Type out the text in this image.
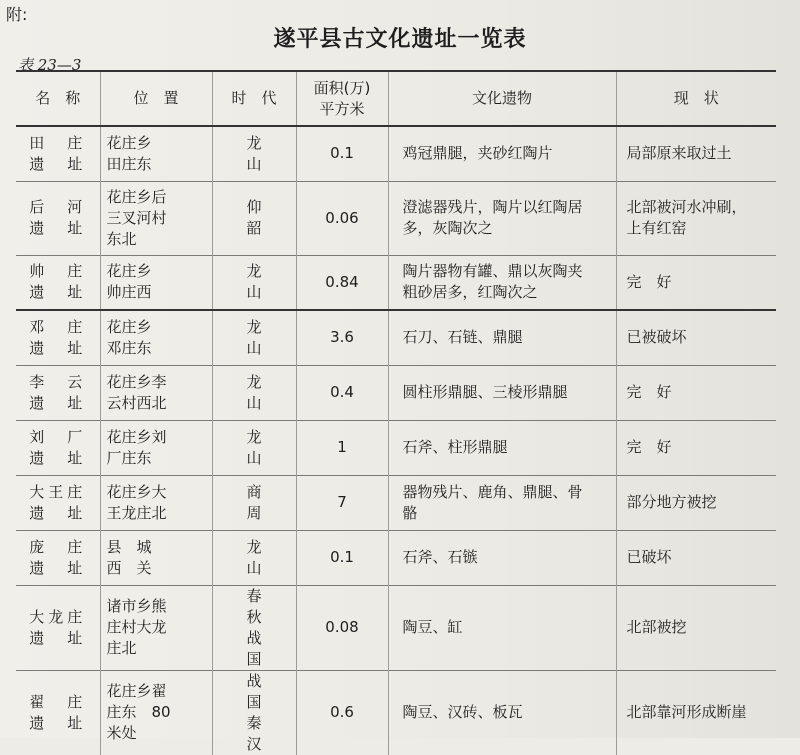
附:
遂平县古文化遗址一览表
表 23—3
名　称	位　置	时　代	面积(万)
平方米	文化遗物	现　状

田　庄
遗　址	花庄乡
田庄东	龙　山	0.1	鸡冠鼎腿，夹砂红陶片	局部原来取过土

后　河
遗　址	花庄乡后
三叉河村
东北	仰　韶	0.06	澄滤器残片，陶片以红陶居
多，灰陶次之	北部被河水冲刷，
上有红窑

帅　庄
遗　址	花庄乡
帅庄西	龙　山	0.84	陶片器物有罐、鼎以灰陶夹
粗砂居多，红陶次之	完　好

邓　庄
遗　址	花庄乡
邓庄东	龙　山	3.6	石刀、石链、鼎腿	已被破坏

李　云
遗　址	花庄乡李
云村西北	龙　山	0.4	圆柱形鼎腿、三棱形鼎腿	完　好

刘　厂
遗　址	花庄乡刘
厂庄东	龙　山	1	石斧、柱形鼎腿	完　好

大王庄
遗　址	花庄乡大
王龙庄北	商　周	7	器物残片、鹿角、鼎腿、骨
骼	部分地方被挖

庞　庄
遗　址	县　城
西　关	龙　山	0.1	石斧、石镞	已破坏

大龙庄
遗　址	诸市乡熊
庄村大龙
庄北	春　秋
战　国	0.08	陶豆、缸	北部被挖

翟　庄
遗　址	花庄乡翟
庄东　80
米处	战　国
秦　汉	0.6	陶豆、汉砖、板瓦	北部靠河形成断崖
